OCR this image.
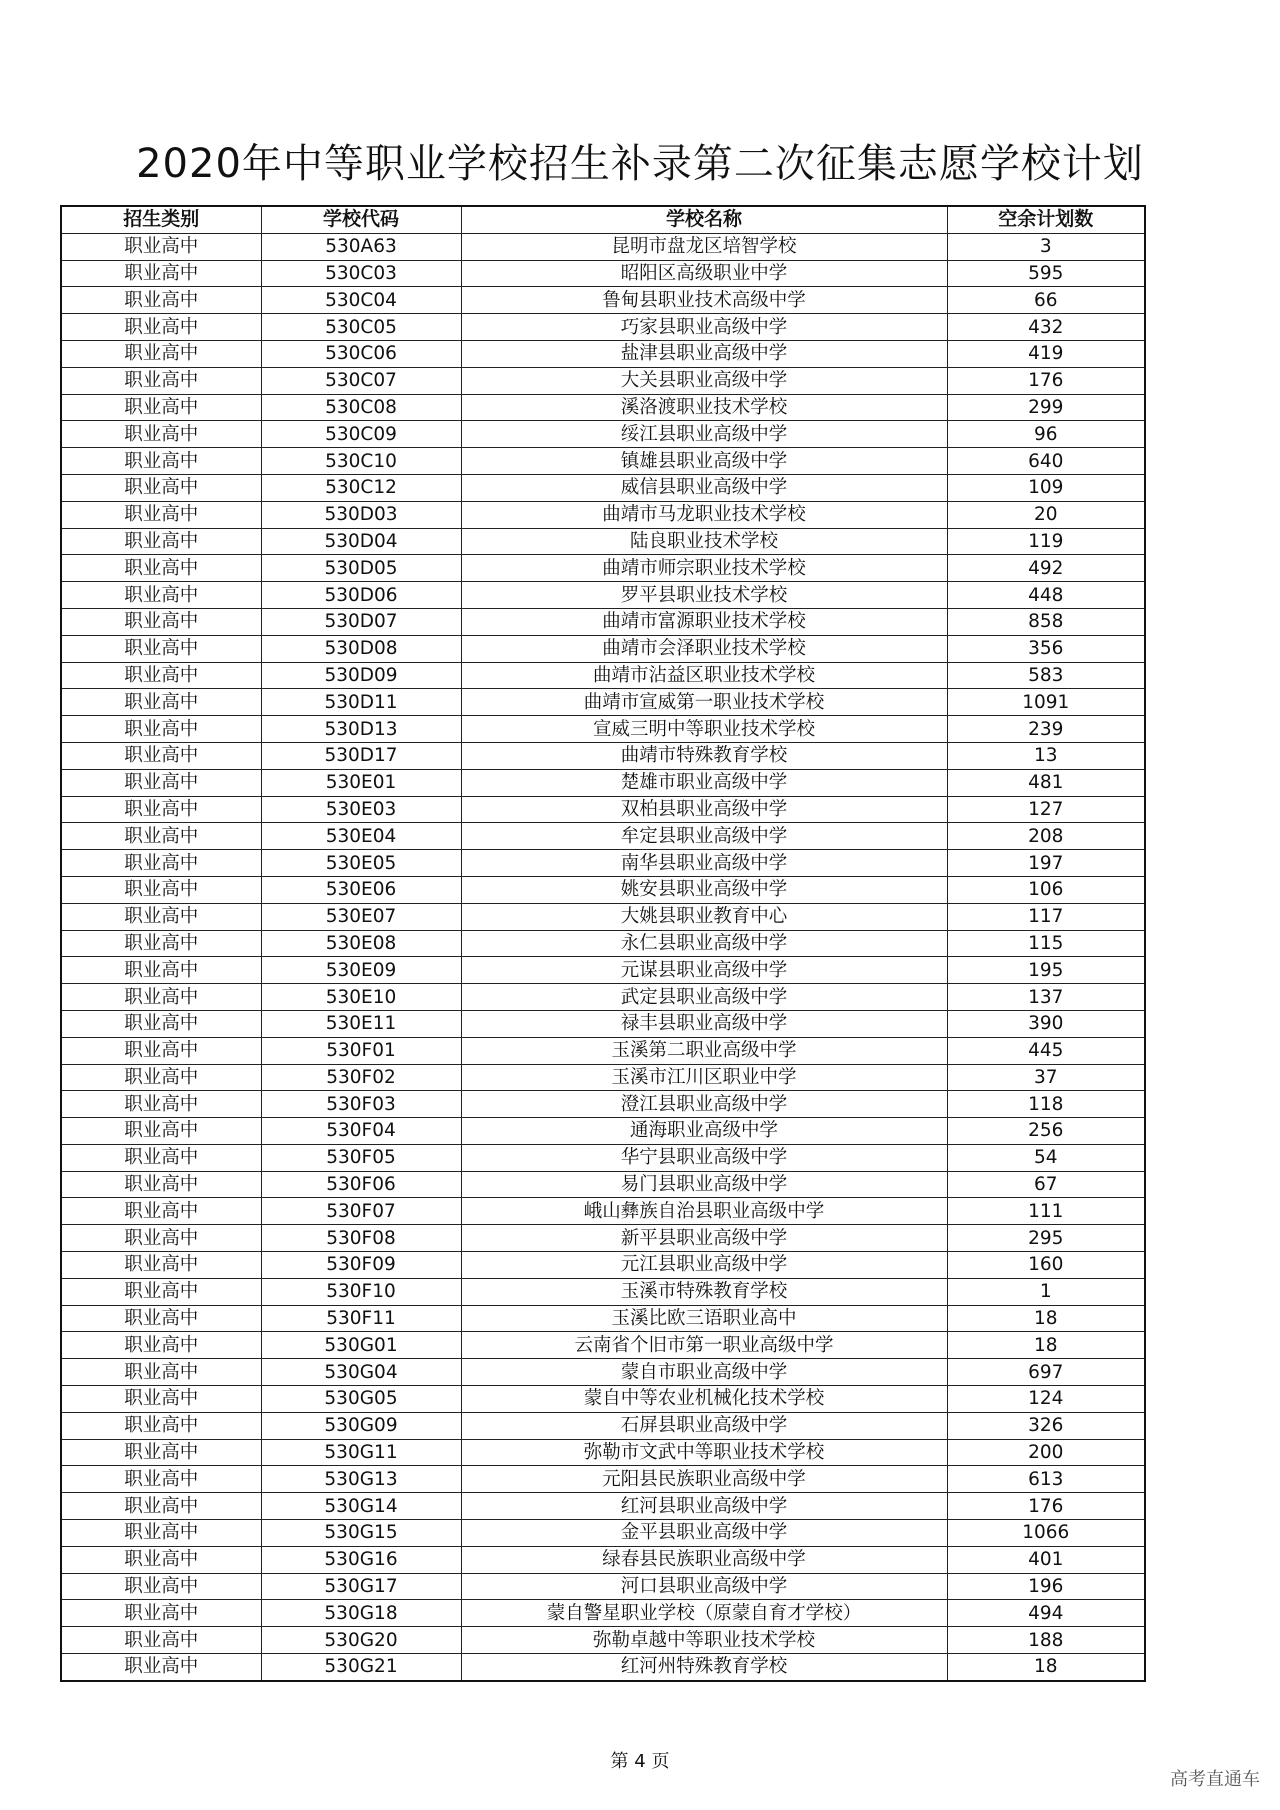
2020年中等职业学校招生补录第二次征集志愿学校计划
招生类别	学校代码	学校名称	空余计划数
职业高中	530A63	昆明市盘龙区培智学校	3
职业高中	530C03	昭阳区高级职业中学	595
职业高中	530C04	鲁甸县职业技术高级中学	66
职业高中	530C05	巧家县职业高级中学	432
职业高中	530C06	盐津县职业高级中学	419
职业高中	530C07	大关县职业高级中学	176
职业高中	530C08	溪洛渡职业技术学校	299
职业高中	530C09	绥江县职业高级中学	96
职业高中	530C10	镇雄县职业高级中学	640
职业高中	530C12	威信县职业高级中学	109
职业高中	530D03	曲靖市马龙职业技术学校	20
职业高中	530D04	陆良职业技术学校	119
职业高中	530D05	曲靖市师宗职业技术学校	492
职业高中	530D06	罗平县职业技术学校	448
职业高中	530D07	曲靖市富源职业技术学校	858
职业高中	530D08	曲靖市会泽职业技术学校	356
职业高中	530D09	曲靖市沾益区职业技术学校	583
职业高中	530D11	曲靖市宣威第一职业技术学校	1091
职业高中	530D13	宣威三明中等职业技术学校	239
职业高中	530D17	曲靖市特殊教育学校	13
职业高中	530E01	楚雄市职业高级中学	481
职业高中	530E03	双柏县职业高级中学	127
职业高中	530E04	牟定县职业高级中学	208
职业高中	530E05	南华县职业高级中学	197
职业高中	530E06	姚安县职业高级中学	106
职业高中	530E07	大姚县职业教育中心	117
职业高中	530E08	永仁县职业高级中学	115
职业高中	530E09	元谋县职业高级中学	195
职业高中	530E10	武定县职业高级中学	137
职业高中	530E11	禄丰县职业高级中学	390
职业高中	530F01	玉溪第二职业高级中学	445
职业高中	530F02	玉溪市江川区职业中学	37
职业高中	530F03	澄江县职业高级中学	118
职业高中	530F04	通海职业高级中学	256
职业高中	530F05	华宁县职业高级中学	54
职业高中	530F06	易门县职业高级中学	67
职业高中	530F07	峨山彝族自治县职业高级中学	111
职业高中	530F08	新平县职业高级中学	295
职业高中	530F09	元江县职业高级中学	160
职业高中	530F10	玉溪市特殊教育学校	1
职业高中	530F11	玉溪比欧三语职业高中	18
职业高中	530G01	云南省个旧市第一职业高级中学	18
职业高中	530G04	蒙自市职业高级中学	697
职业高中	530G05	蒙自中等农业机械化技术学校	124
职业高中	530G09	石屏县职业高级中学	326
职业高中	530G11	弥勒市文武中等职业技术学校	200
职业高中	530G13	元阳县民族职业高级中学	613
职业高中	530G14	红河县职业高级中学	176
职业高中	530G15	金平县职业高级中学	1066
职业高中	530G16	绿春县民族职业高级中学	401
职业高中	530G17	河口县职业高级中学	196
职业高中	530G18	蒙自警星职业学校（原蒙自育才学校）	494
职业高中	530G20	弥勒卓越中等职业技术学校	188
职业高中	530G21	红河州特殊教育学校	18
第 4 页
高考直通车
